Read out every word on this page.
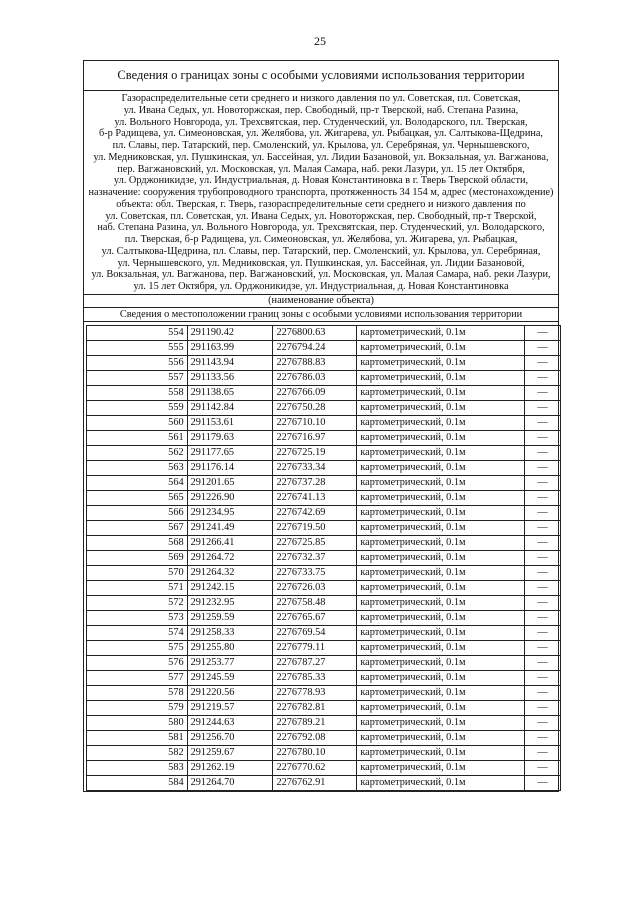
25
Сведения о границах зоны с особыми условиями использования территории
Газораспределительные сети среднего и низкого давления по ул. Советская, пл. Советская,
ул. Ивана Седых, ул. Новоторжская, пер. Свободный, пр-т Тверской, наб. Степана Разина,
ул. Вольного Новгорода, ул. Трехсвятская, пер. Студенческий, ул. Володарского, пл. Тверская,
б-р Радищева, ул. Симеоновская, ул. Желябова, ул. Жигарева, ул. Рыбацкая, ул. Салтыкова-Щедрина,
пл. Славы, пер. Татарский, пер. Смоленский, ул. Крылова, ул. Серебряная, ул. Чернышевского,
ул. Медниковская, ул. Пушкинская, ул. Бассейная, ул. Лидии Базановой, ул. Вокзальная, ул. Вагжанова,
пер. Вагжановский, ул. Московская, ул. Малая Самара, наб. реки Лазури, ул. 15 лет Октября,
ул. Орджоникидзе, ул. Индустриальная, д. Новая Константиновка в г. Тверь Тверской области,
назначение: сооружения трубопроводного транспорта, протяженность 34 154 м, адрес (местонахождение)
объекта: обл. Тверская, г. Тверь, газораспределительные сети среднего и низкого давления по
ул. Советская, пл. Советская, ул. Ивана Седых, ул. Новоторжская, пер. Свободный, пр-т Тверской,
наб. Степана Разина, ул. Вольного Новгорода, ул. Трехсвятская, пер. Студенческий, ул. Володарского,
пл. Тверская, б-р Радищева, ул. Симеоновская, ул. Желябова, ул. Жигарева, ул. Рыбацкая,
ул. Салтыкова-Щедрина, пл. Славы, пер. Татарский, пер. Смоленский, ул. Крылова, ул. Серебряная,
ул. Чернышевского, ул. Медниковская, ул. Пушкинская, ул. Бассейная, ул. Лидии Базановой,
ул. Вокзальная, ул. Вагжанова, пер. Вагжановский, ул. Московская, ул. Малая Самара, наб. реки Лазури,
ул. 15 лет Октября, ул. Орджоникидзе, ул. Индустриальная, д. Новая Константиновка
(наименование объекта)
Сведения о местоположении границ зоны с особыми условиями использования территории
554	291190.42	2276800.63	картометрический, 0.1м	—
555	291163.99	2276794.24	картометрический, 0.1м	—
556	291143.94	2276788.83	картометрический, 0.1м	—
557	291133.56	2276786.03	картометрический, 0.1м	—
558	291138.65	2276766.09	картометрический, 0.1м	—
559	291142.84	2276750.28	картометрический, 0.1м	—
560	291153.61	2276710.10	картометрический, 0.1м	—
561	291179.63	2276716.97	картометрический, 0.1м	—
562	291177.65	2276725.19	картометрический, 0.1м	—
563	291176.14	2276733.34	картометрический, 0.1м	—
564	291201.65	2276737.28	картометрический, 0.1м	—
565	291226.90	2276741.13	картометрический, 0.1м	—
566	291234.95	2276742.69	картометрический, 0.1м	—
567	291241.49	2276719.50	картометрический, 0.1м	—
568	291266.41	2276725.85	картометрический, 0.1м	—
569	291264.72	2276732.37	картометрический, 0.1м	—
570	291264.32	2276733.75	картометрический, 0.1м	—
571	291242.15	2276726.03	картометрический, 0.1м	—
572	291232.95	2276758.48	картометрический, 0.1м	—
573	291259.59	2276765.67	картометрический, 0.1м	—
574	291258.33	2276769.54	картометрический, 0.1м	—
575	291255.80	2276779.11	картометрический, 0.1м	—
576	291253.77	2276787.27	картометрический, 0.1м	—
577	291245.59	2276785.33	картометрический, 0.1м	—
578	291220.56	2276778.93	картометрический, 0.1м	—
579	291219.57	2276782.81	картометрический, 0.1м	—
580	291244.63	2276789.21	картометрический, 0.1м	—
581	291256.70	2276792.08	картометрический, 0.1м	—
582	291259.67	2276780.10	картометрический, 0.1м	—
583	291262.19	2276770.62	картометрический, 0.1м	—
584	291264.70	2276762.91	картометрический, 0.1м	—
